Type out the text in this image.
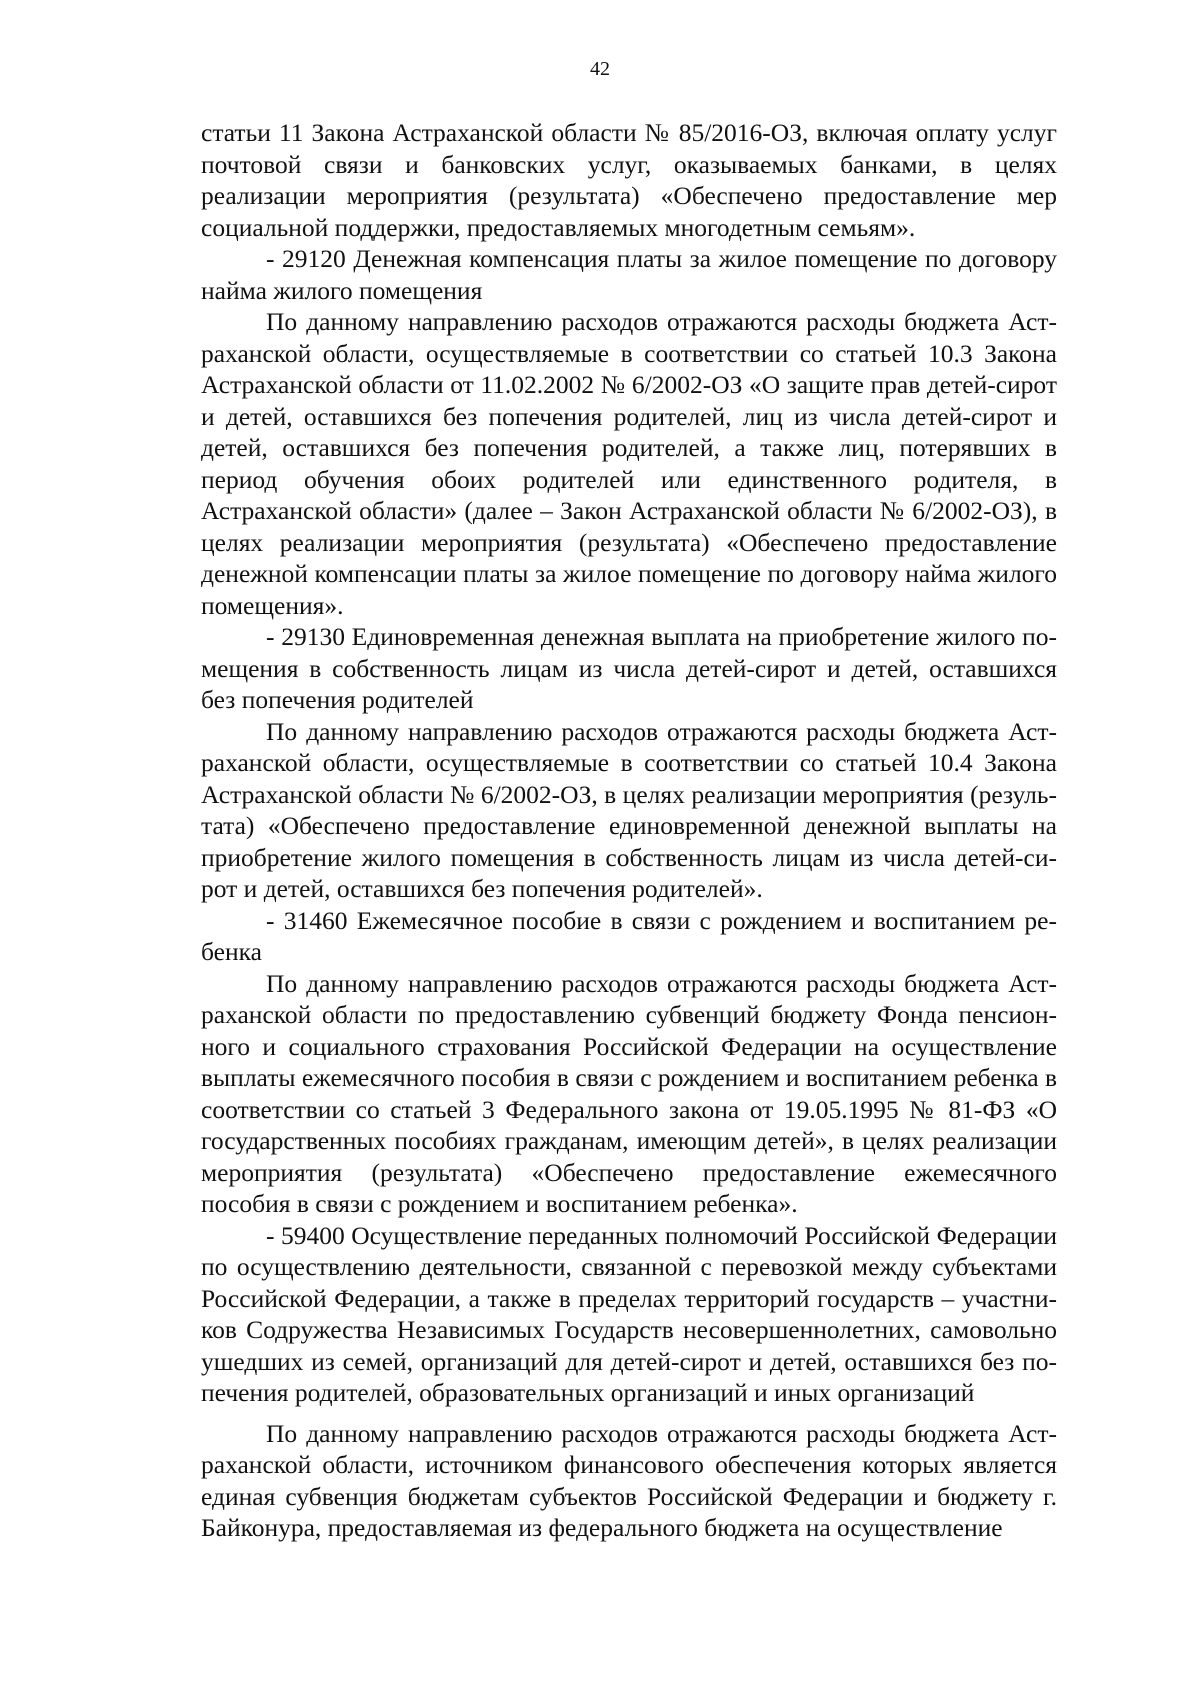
42

статьи 11 Закона Астраханской области № 85/2016-ОЗ, включая оплату услуг почтовой связи и банковских услуг, оказываемых банками, в целях реализации мероприятия (результата) «Обеспечено предоставление мер социальной поддержки, предоставляемых многодетным семьям».

- 29120 Денежная компенсация платы за жилое помещение по договору найма жилого помещения

По данному направлению расходов отражаются расходы бюджета Астраханской области, осуществляемые в соответствии со статьей 10.3 Закона Астраханской области от 11.02.2002 № 6/2002-ОЗ «О защите прав детей-сирот и детей, оставшихся без попечения родителей, лиц из числа детей-сирот и детей, оставшихся без попечения родителей, а также лиц, потерявших в период обучения обоих родителей или единственного родителя, в Астраханской области» (далее – Закон Астраханской области № 6/2002-ОЗ), в целях реализации мероприятия (результата) «Обеспечено предоставление денежной компенсации платы за жилое помещение по договору найма жилого помещения».

- 29130 Единовременная денежная выплата на приобретение жилого помещения в собственность лицам из числа детей-сирот и детей, оставшихся без попечения родителей

По данному направлению расходов отражаются расходы бюджета Астраханской области, осуществляемые в соответствии со статьей 10.4 Закона Астраханской области № 6/2002-ОЗ, в целях реализации мероприятия (результата) «Обеспечено предоставление единовременной денежной выплаты на приобретение жилого помещения в собственность лицам из числа детей-сирот и детей, оставшихся без попечения родителей».

- 31460 Ежемесячное пособие в связи с рождением и воспитанием ребенка

По данному направлению расходов отражаются расходы бюджета Астраханской области по предоставлению субвенций бюджету Фонда пенсионного и социального страхования Российской Федерации на осуществление выплаты ежемесячного пособия в связи с рождением и воспитанием ребенка в соответствии со статьей 3 Федерального закона от 19.05.1995 № 81-ФЗ «О государственных пособиях гражданам, имеющим детей», в целях реализации мероприятия (результата) «Обеспечено предоставление ежемесячного пособия в связи с рождением и воспитанием ребенка».

- 59400 Осуществление переданных полномочий Российской Федерации по осуществлению деятельности, связанной с перевозкой между субъектами Российской Федерации, а также в пределах территорий государств – участников Содружества Независимых Государств несовершеннолетних, самовольно ушедших из семей, организаций для детей-сирот и детей, оставшихся без попечения родителей, образовательных организаций и иных организаций

По данному направлению расходов отражаются расходы бюджета Астраханской области, источником финансового обеспечения которых является единая субвенция бюджетам субъектов Российской Федерации и бюджету г. Байконура, предоставляемая из федерального бюджета на осуществление
